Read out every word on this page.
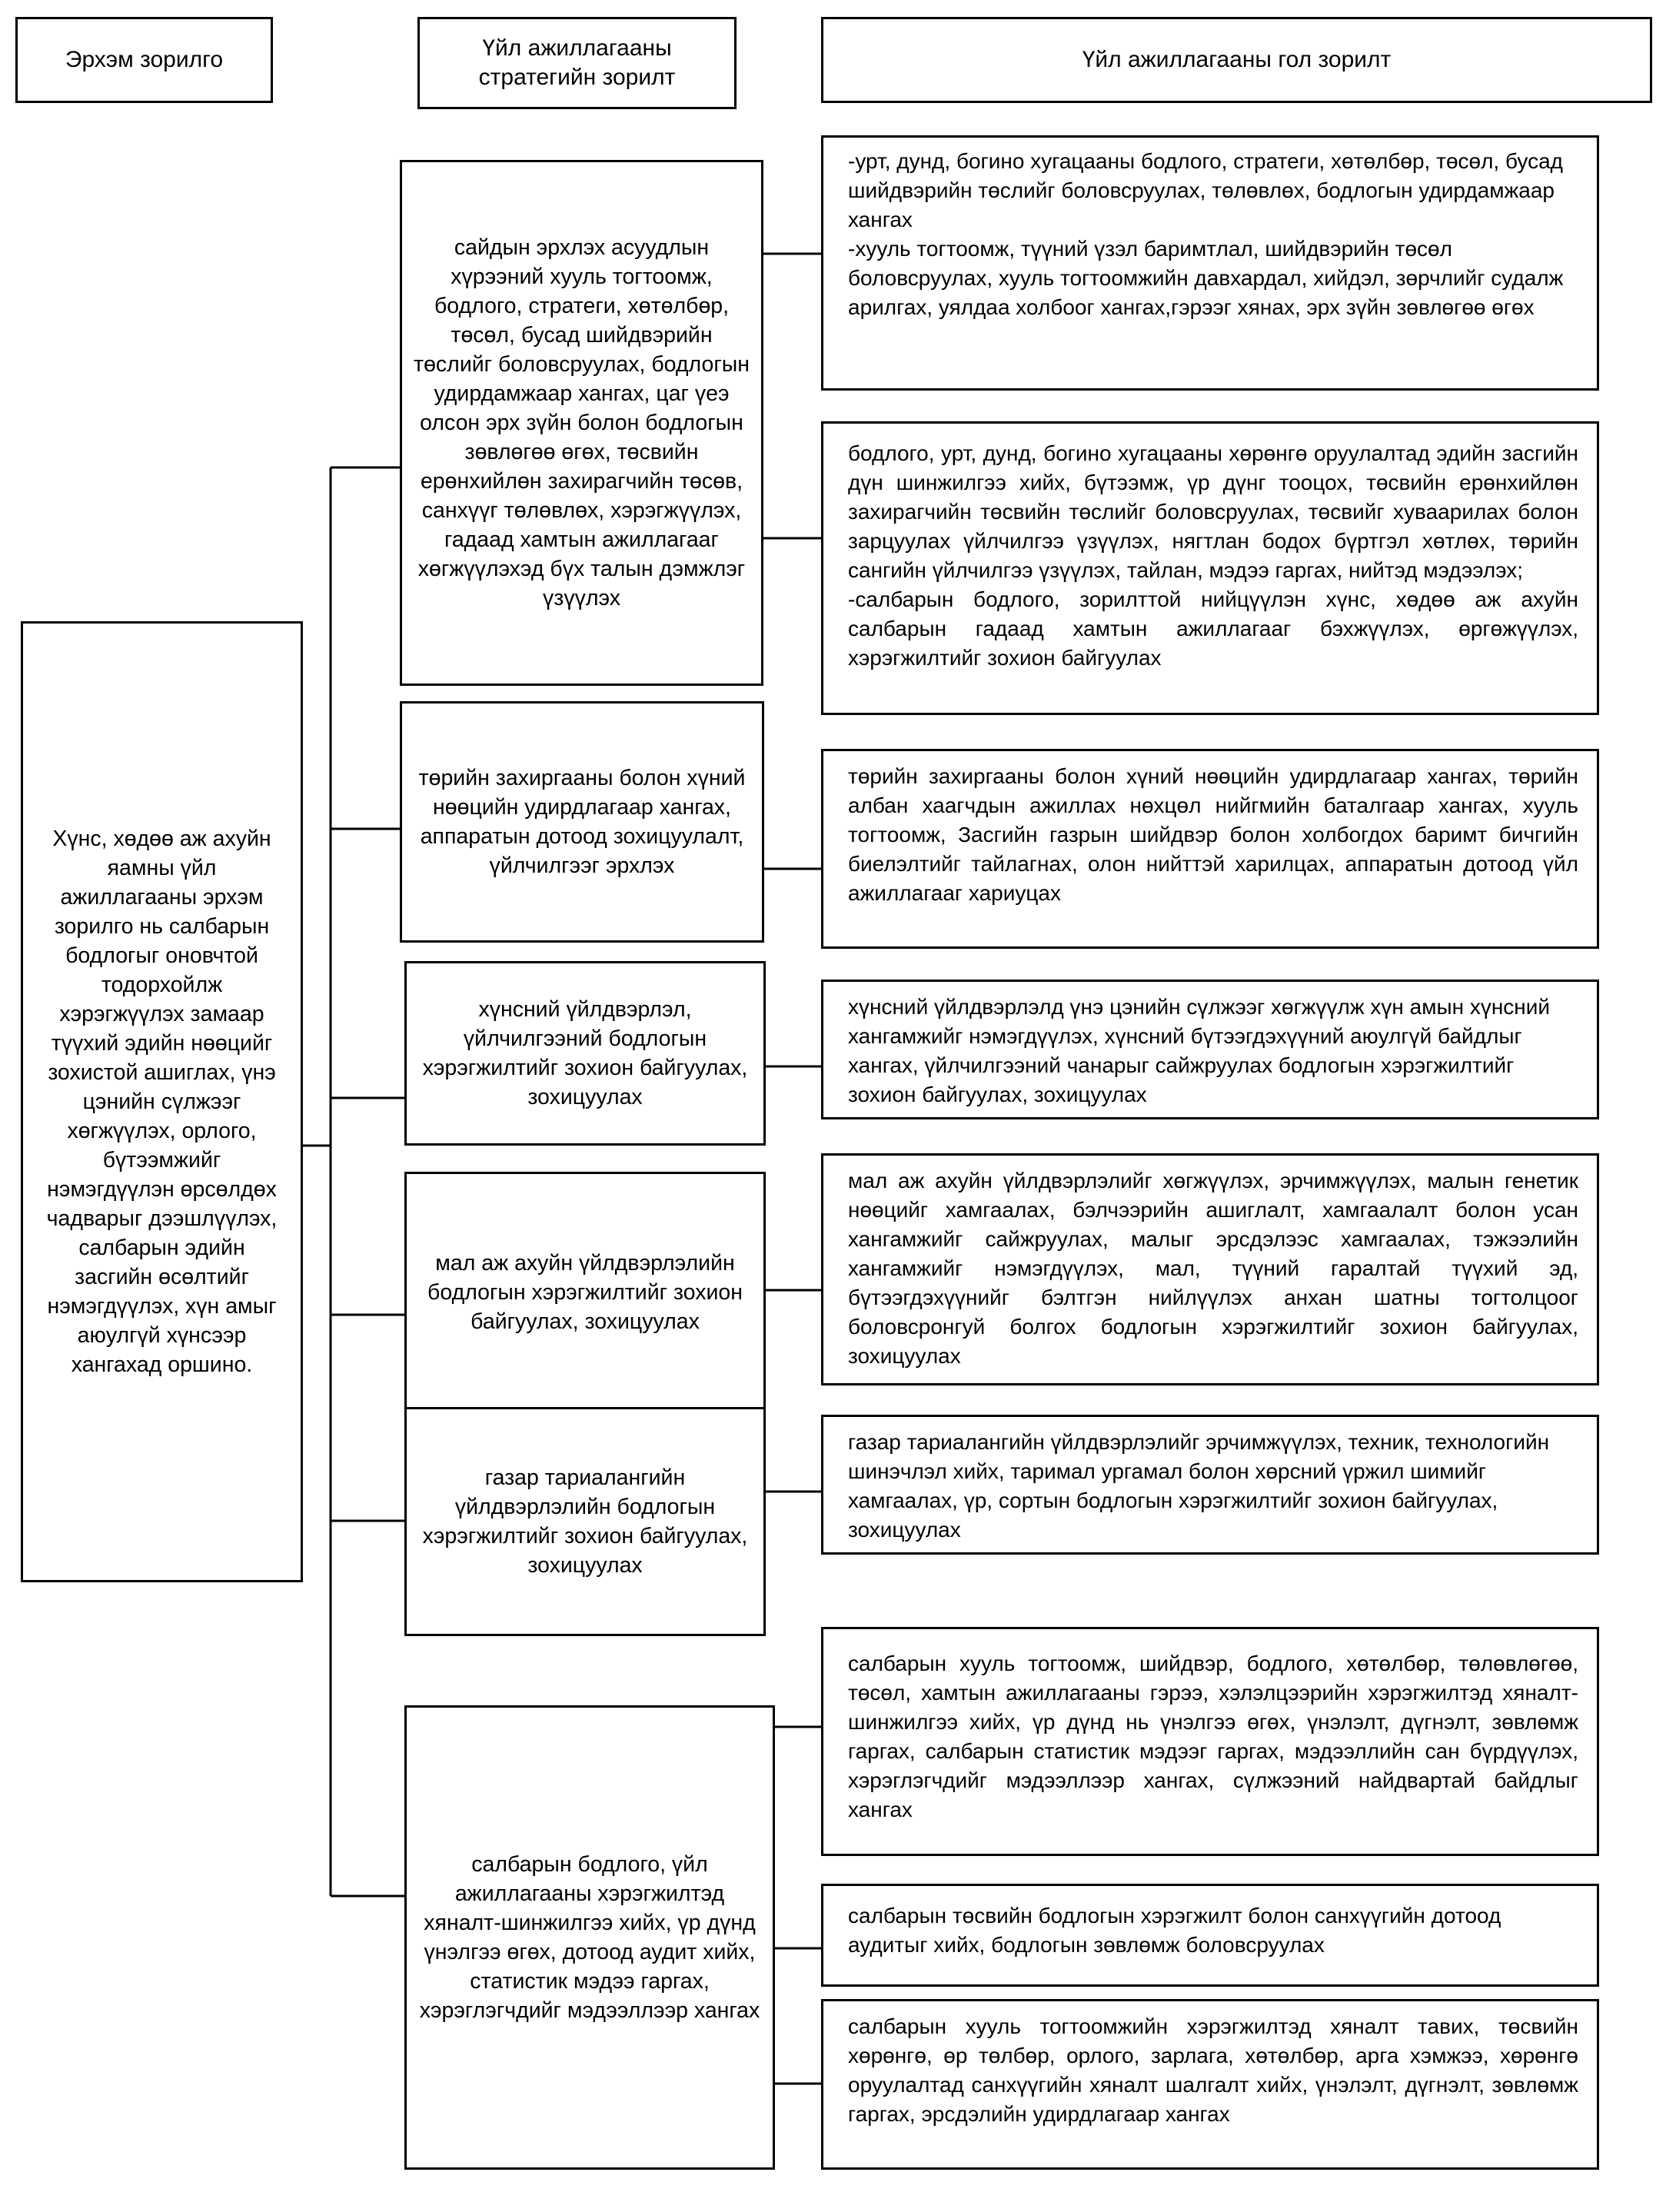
Эрхэм зорилго	Үйл ажиллагааны стратегийн зорилт
Үйл ажиллагааны гол зорилт
Хүнс, хөдөө аж ахуйн яамны үйл ажиллагааны эрхэм зорилго нь салбарын бодлогыг оновчтой тодорхойлж хэрэгжүүлэх замаар түүхий эдийн нөөцийг зохистой ашиглах, үнэ цэнийн сүлжээг хөгжүүлэх, орлого, бүтээмжийг нэмэгдүүлэн өрсөлдөх чадварыг дээшлүүлэх, салбарын эдийн засгийн өсөлтийг нэмэгдүүлэх, хүн амыг аюулгүй хүнсээр хангахад оршино.
сайдын эрхлэх асуудлын хүрээний хууль тогтоомж, бодлого, стратеги, хөтөлбөр, төсөл, бусад шийдвэрийн төслийг боловсруулах, бодлогын удирдамжаар хангах, цаг үеэ олсон эрх зүйн болон бодлогын зөвлөгөө өгөх, төсвийн ерөнхийлөн захирагчийн төсөв, санхүүг төлөвлөх, хэрэгжүүлэх, гадаад хамтын ажиллагааг хөгжүүлэхэд бүх талын дэмжлэг үзүүлэх
төрийн захиргааны болон хүний нөөцийн удирдлагаар хангах, аппаратын дотоод зохицуулалт, үйлчилгээг эрхлэх
хүнсний үйлдвэрлэл, үйлчилгээний бодлогын хэрэгжилтийг зохион байгуулах, зохицуулах
мал аж ахуйн үйлдвэрлэлийн бодлогын хэрэгжилтийг зохион байгуулах, зохицуулах
газар тариалангийн үйлдвэрлэлийн бодлогын хэрэгжилтийг зохион байгуулах, зохицуулах
салбарын бодлого, үйл ажиллагааны хэрэгжилтэд хяналт-шинжилгээ хийх, үр дүнд үнэлгээ өгөх, дотоод аудит хийх, статистик мэдээ гаргах, хэрэглэгчдийг мэдээллээр хангах
-урт, дунд, богино хугацааны бодлого, стратеги, хөтөлбөр, төсөл, бусад шийдвэрийн төслийг боловсруулах, төлөвлөх, бодлогын удирдамжаар хангах
-хууль тогтоомж, түүний үзэл баримтлал, шийдвэрийн төсөл боловсруулах, хууль тогтоомжийн давхардал, хийдэл, зөрчлийг судалж арилгах, уялдаа холбоог хангах,гэрээг хянах, эрх зүйн зөвлөгөө өгөх
бодлого, урт, дунд, богино хугацааны хөрөнгө оруулалтад эдийн засгийн дүн шинжилгээ хийх, бүтээмж, үр дүнг тооцох, төсвийн ерөнхийлөн захирагчийн төсвийн төслийг боловсруулах, төсвийг хуваарилах болон зарцуулах үйлчилгээ үзүүлэх, нягтлан бодох бүртгэл хөтлөх, төрийн сангийн үйлчилгээ үзүүлэх, тайлан, мэдээ гаргах, нийтэд мэдээлэх;
-салбарын бодлого, зорилттой нийцүүлэн хүнс, хөдөө аж ахуйн салбарын гадаад хамтын ажиллагааг бэхжүүлэх, өргөжүүлэх, хэрэгжилтийг зохион байгуулах
төрийн захиргааны болон хүний нөөцийн удирдлагаар хангах, төрийн албан хаагчдын ажиллах нөхцөл нийгмийн баталгаар хангах, хууль тогтоомж, Засгийн газрын шийдвэр болон холбогдох баримт бичгийн биелэлтийг тайлагнах, олон нийттэй харилцах, аппаратын дотоод үйл ажиллагааг хариуцах
хүнсний үйлдвэрлэлд үнэ цэнийн сүлжээг хөгжүүлж хүн амын хүнсний хангамжийг нэмэгдүүлэх, хүнсний бүтээгдэхүүний аюулгүй байдлыг хангах, үйлчилгээний чанарыг сайжруулах бодлогын хэрэгжилтийг зохион байгуулах, зохицуулах
мал аж ахуйн үйлдвэрлэлийг хөгжүүлэх, эрчимжүүлэх, малын генетик нөөцийг хамгаалах, бэлчээрийн ашиглалт, хамгаалалт болон усан хангамжийг сайжруулах, малыг эрсдэлээс хамгаалах, тэжээлийн хангамжийг нэмэгдүүлэх, мал, түүний гаралтай түүхий эд, бүтээгдэхүүнийг бэлтгэн нийлүүлэх анхан шатны тогтолцоог боловсронгуй болгох бодлогын хэрэгжилтийг зохион байгуулах, зохицуулах
газар тариалангийн үйлдвэрлэлийг эрчимжүүлэх, техник, технологийн шинэчлэл хийх, таримал ургамал болон хөрсний үржил шимийг хамгаалах, үр, сортын бодлогын хэрэгжилтийг зохион байгуулах, зохицуулах
салбарын хууль тогтоомж, шийдвэр, бодлого, хөтөлбөр, төлөвлөгөө, төсөл, хамтын ажиллагааны гэрээ, хэлэлцээрийн хэрэгжилтэд хяналт-шинжилгээ хийх, үр дүнд нь үнэлгээ өгөх, үнэлэлт, дүгнэлт, зөвлөмж гаргах, салбарын статистик мэдээг гаргах, мэдээллийн сан бүрдүүлэх, хэрэглэгчдийг мэдээллээр хангах, сүлжээний найдвартай байдлыг хангах
салбарын төсвийн бодлогын хэрэгжилт болон санхүүгийн дотоод аудитыг хийх, бодлогын зөвлөмж боловсруулах
салбарын хууль тогтоомжийн хэрэгжилтэд хяналт тавих, төсвийн хөрөнгө, өр төлбөр, орлого, зарлага, хөтөлбөр, арга хэмжээ, хөрөнгө оруулалтад санхүүгийн хяналт шалгалт хийх, үнэлэлт, дүгнэлт, зөвлөмж гаргах, эрсдэлийн удирдлагаар хангах
